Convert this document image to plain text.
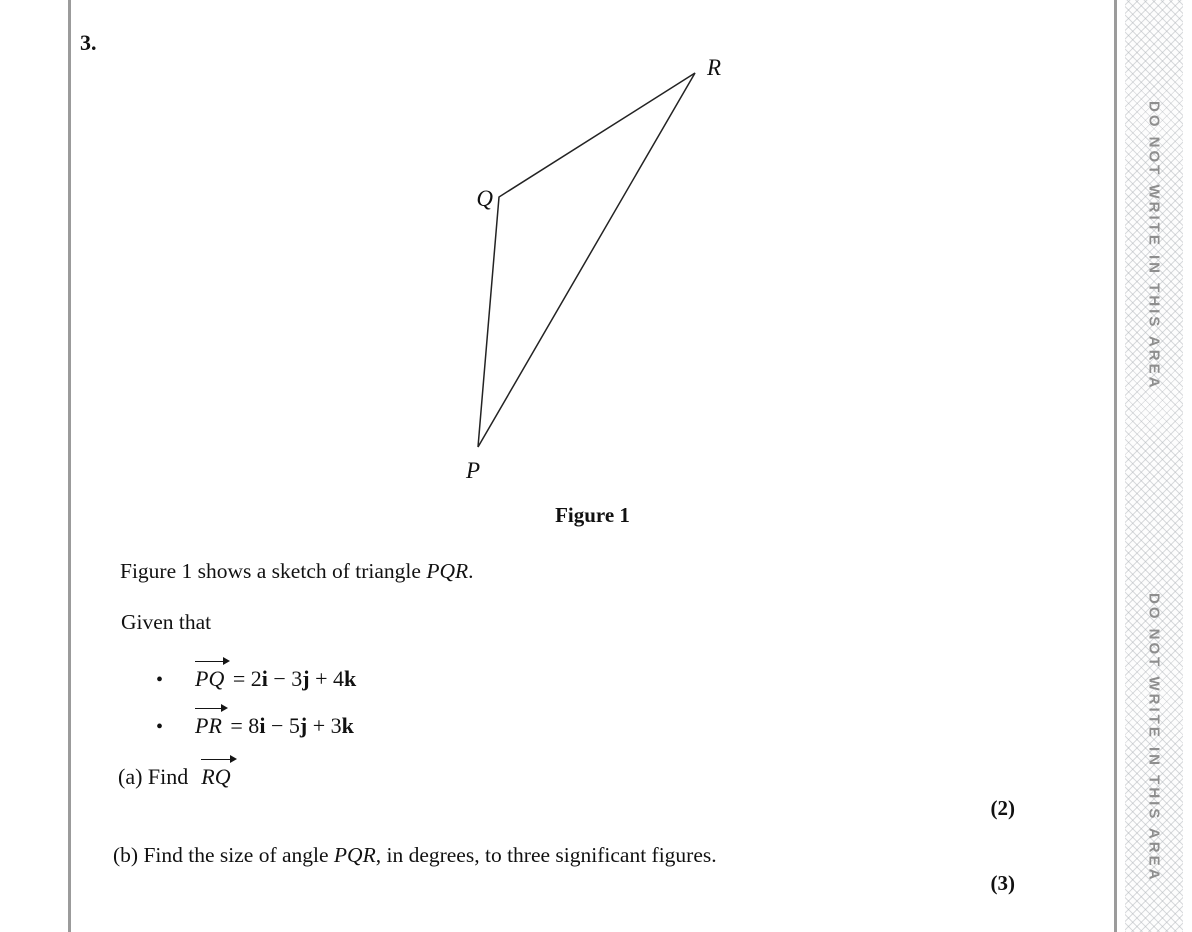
DO NOT WRITE IN THIS AREA
DO NOT WRITE IN THIS AREA
3.
Q
P
R
Figure 1
Figure 1 shows a sketch of triangle PQR.
Given that
• PQ = 2i − 3j + 4k
• PR = 8i − 5j + 3k
(a) Find RQ
(2)
(b) Find the size of angle PQR, in degrees, to three significant figures.
(3)
